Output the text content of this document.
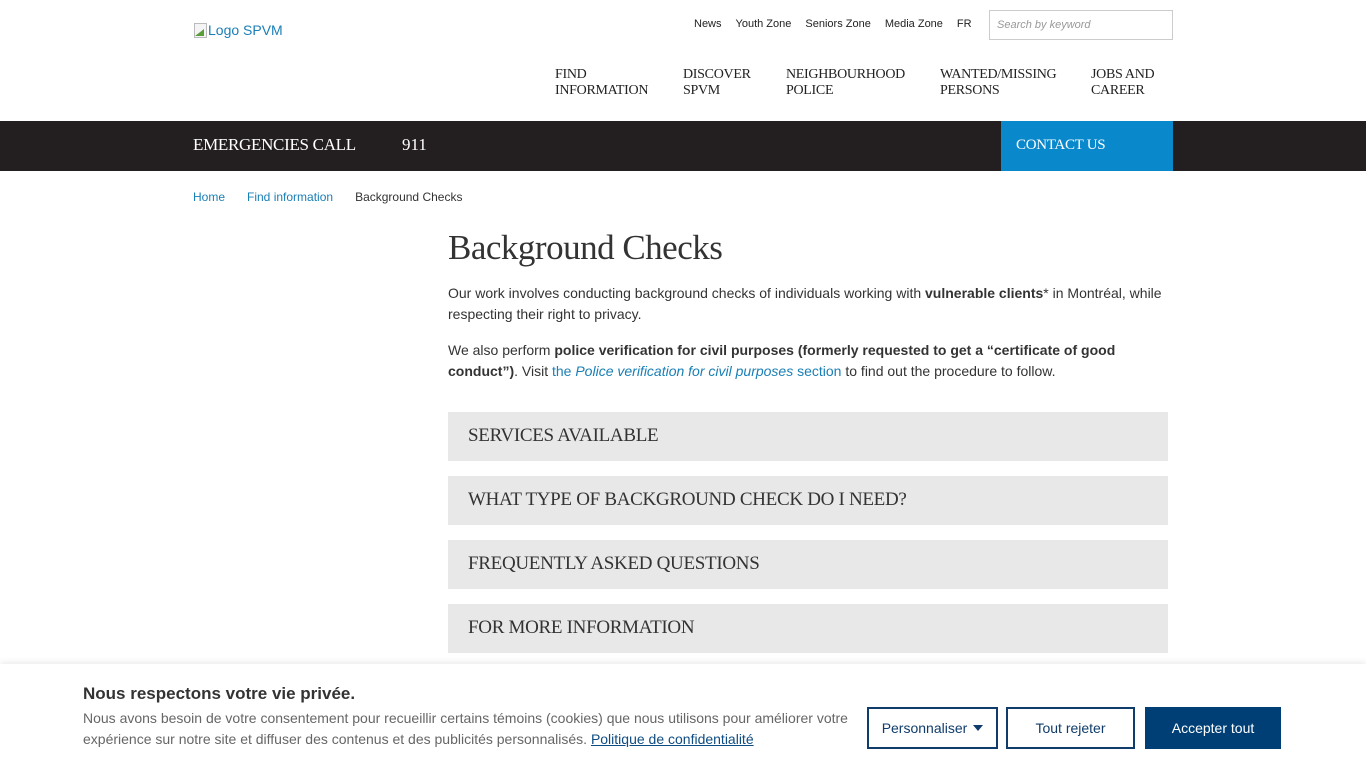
Logo SPVM	News Youth Zone Seniors Zone Media Zone FR
Search by keyword
FIND
INFORMATION
DISCOVER
SPVM
NEIGHBOURHOOD
POLICE
WANTED/MISSING
PERSONS
JOBS AND
CAREER
EMERGENCIES CALL	911	CONTACT US
Home Find information Background Checks
Background Checks

Our work involves conducting background checks of individuals working with vulnerable clients* in Montréal, while respecting their right to privacy.

We also perform police verification for civil purposes (formerly requested to get a “certificate of good conduct”). Visit the Police verification for civil purposes section to find out the procedure to follow.

SERVICES AVAILABLE
WHAT TYPE OF BACKGROUND CHECK DO I NEED?
FREQUENTLY ASKED QUESTIONS
FOR MORE INFORMATION
Nous respectons votre vie privée.
Nous avons besoin de votre consentement pour recueillir certains témoins (cookies) que nous utilisons pour améliorer votre expérience sur notre site et diffuser des contenus et des publicités personnalisés. Politique de confidentialité
Personnaliser	Tout rejeter	Accepter tout
